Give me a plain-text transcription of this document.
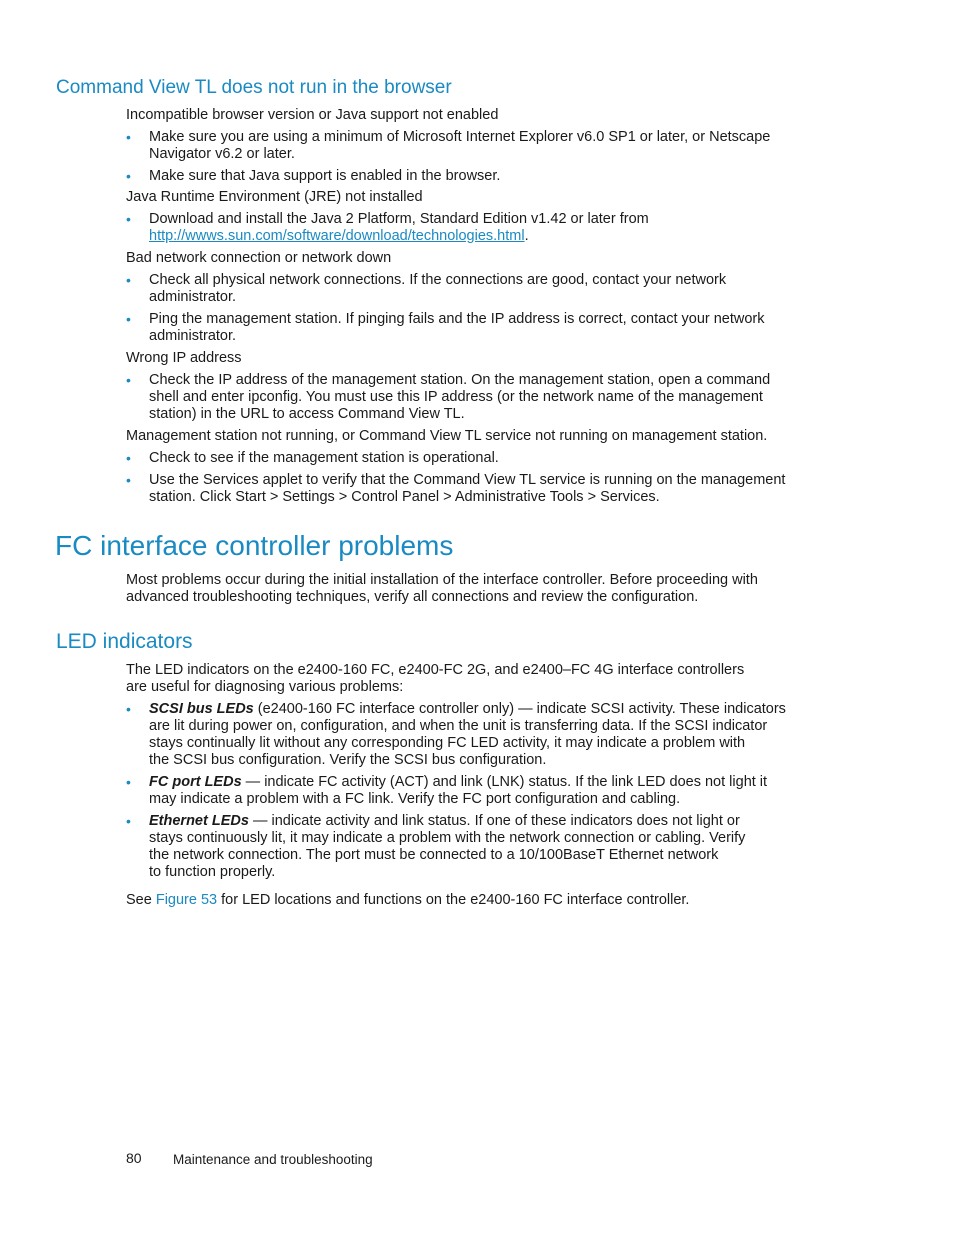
Command View TL does not run in the browser

Incompatible browser version or Java support not enabled

•	Make sure you are using a minimum of Microsoft Internet Explorer v6.0 SP1 or later, or Netscape

Navigator v6.2 or later.

•	Make sure that Java support is enabled in the browser.

Java Runtime Environment (JRE) not installed

•	Download and install the Java 2 Platform, Standard Edition v1.42 or later from

http://wwws.sun.com/software/download/technologies.html.

Bad network connection or network down

•	Check all physical network connections. If the connections are good, contact your network

administrator.

•	Ping the management station. If pinging fails and the IP address is correct, contact your network

administrator.

Wrong IP address

•	Check the IP address of the management station. On the management station, open a command

shell and enter ipconfig. You must use this IP address (or the network name of the management

station) in the URL to access Command View TL.

Management station not running, or Command View TL service not running on management station.

•	Check to see if the management station is operational.

•	Use the Services applet to verify that the Command View TL service is running on the management

station. Click Start > Settings > Control Panel > Administrative Tools > Services.

FC interface controller problems

Most problems occur during the initial installation of the interface controller. Before proceeding with

advanced troubleshooting techniques, verify all connections and review the configuration.

LED indicators

The LED indicators on the e2400-160 FC, e2400-FC 2G, and e2400–FC 4G interface controllers

are useful for diagnosing various problems:

•	SCSI bus LEDs (e2400-160 FC interface controller only) — indicate SCSI activity. These indicators

are lit during power on, configuration, and when the unit is transferring data. If the SCSI indicator

stays continually lit without any corresponding FC LED activity, it may indicate a problem with

the SCSI bus configuration. Verify the SCSI bus configuration.

•	FC port LEDs — indicate FC activity (ACT) and link (LNK) status. If the link LED does not light it

may indicate a problem with a FC link. Verify the FC port configuration and cabling.

•	Ethernet LEDs — indicate activity and link status. If one of these indicators does not light or

stays continuously lit, it may indicate a problem with the network connection or cabling. Verify

the network connection. The port must be connected to a 10/100BaseT Ethernet network

to function properly.

See Figure 53 for LED locations and functions on the e2400-160 FC interface controller.

80 Maintenance and troubleshooting
